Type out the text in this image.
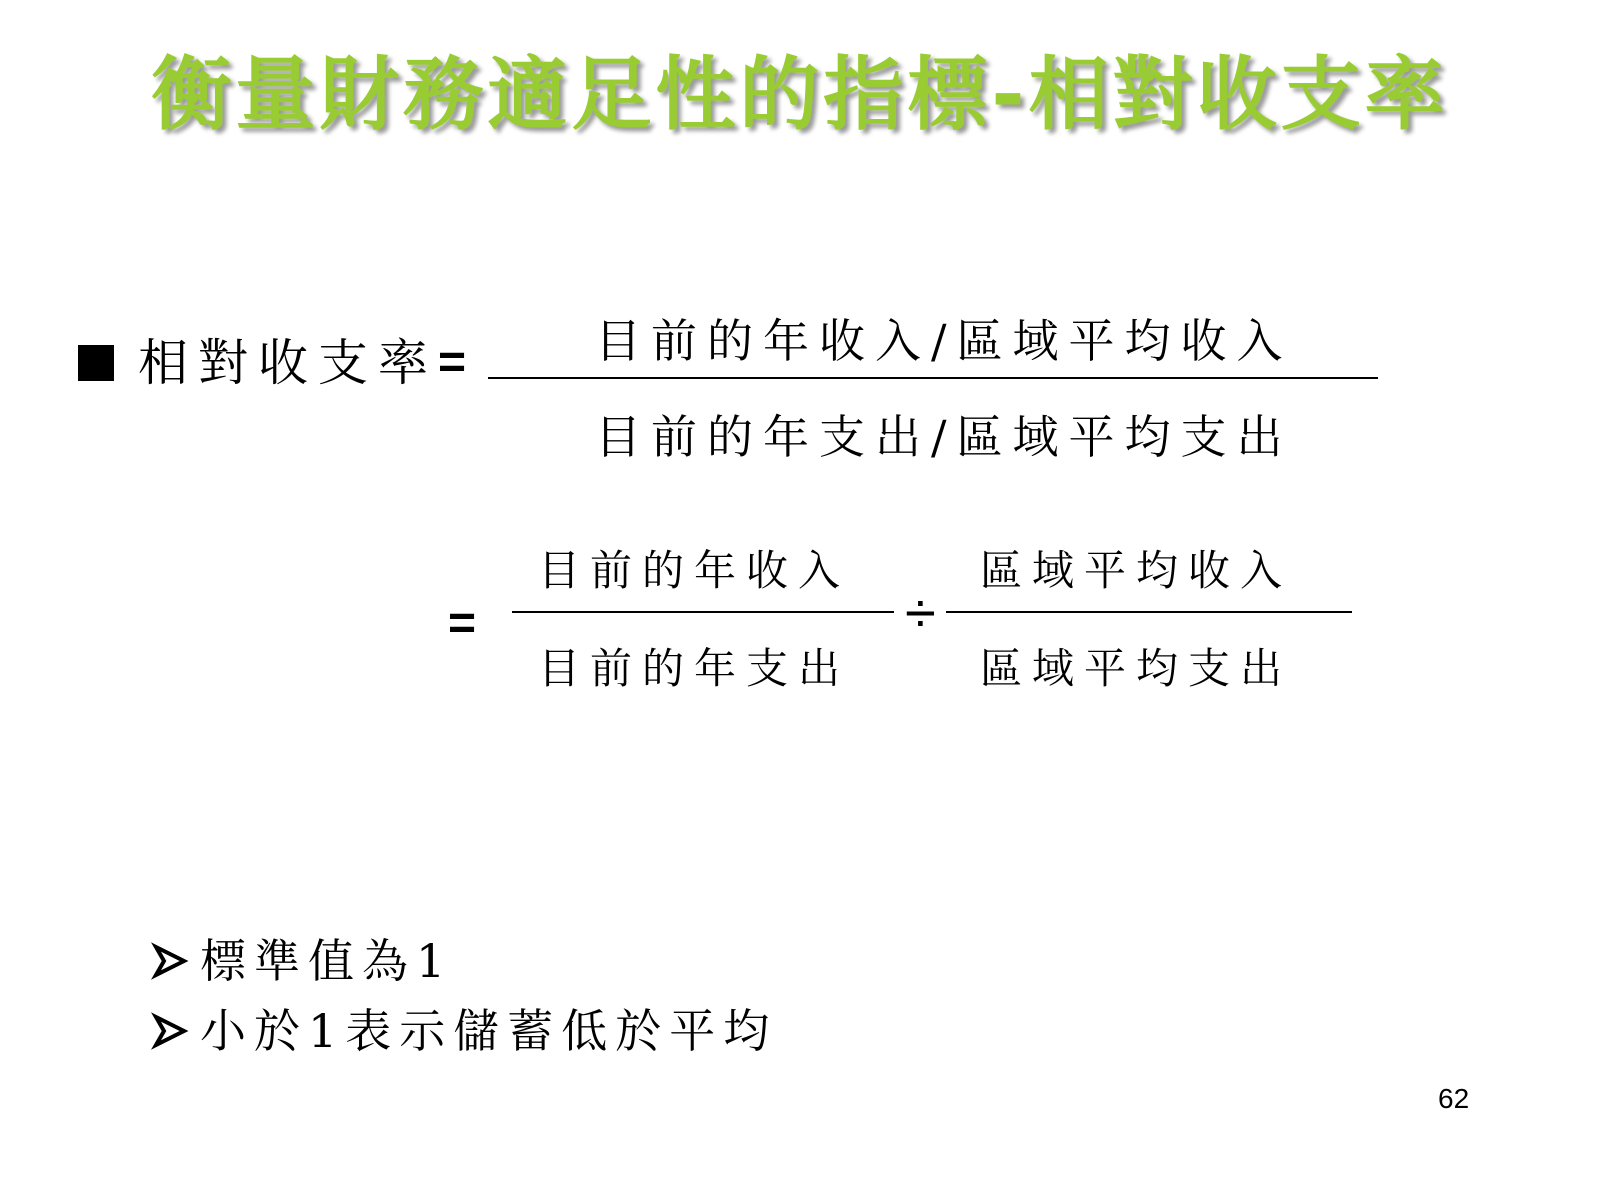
衡量財務適足性的指標-相對收支率
相對收支率 =	目前的年收入/區域平均收入
目前的年支出/區域平均支出
=
目前的年收入
目前的年支出
÷
區域平均收入
區域平均支出
標準值為1
小於1表示儲蓄低於平均
62
